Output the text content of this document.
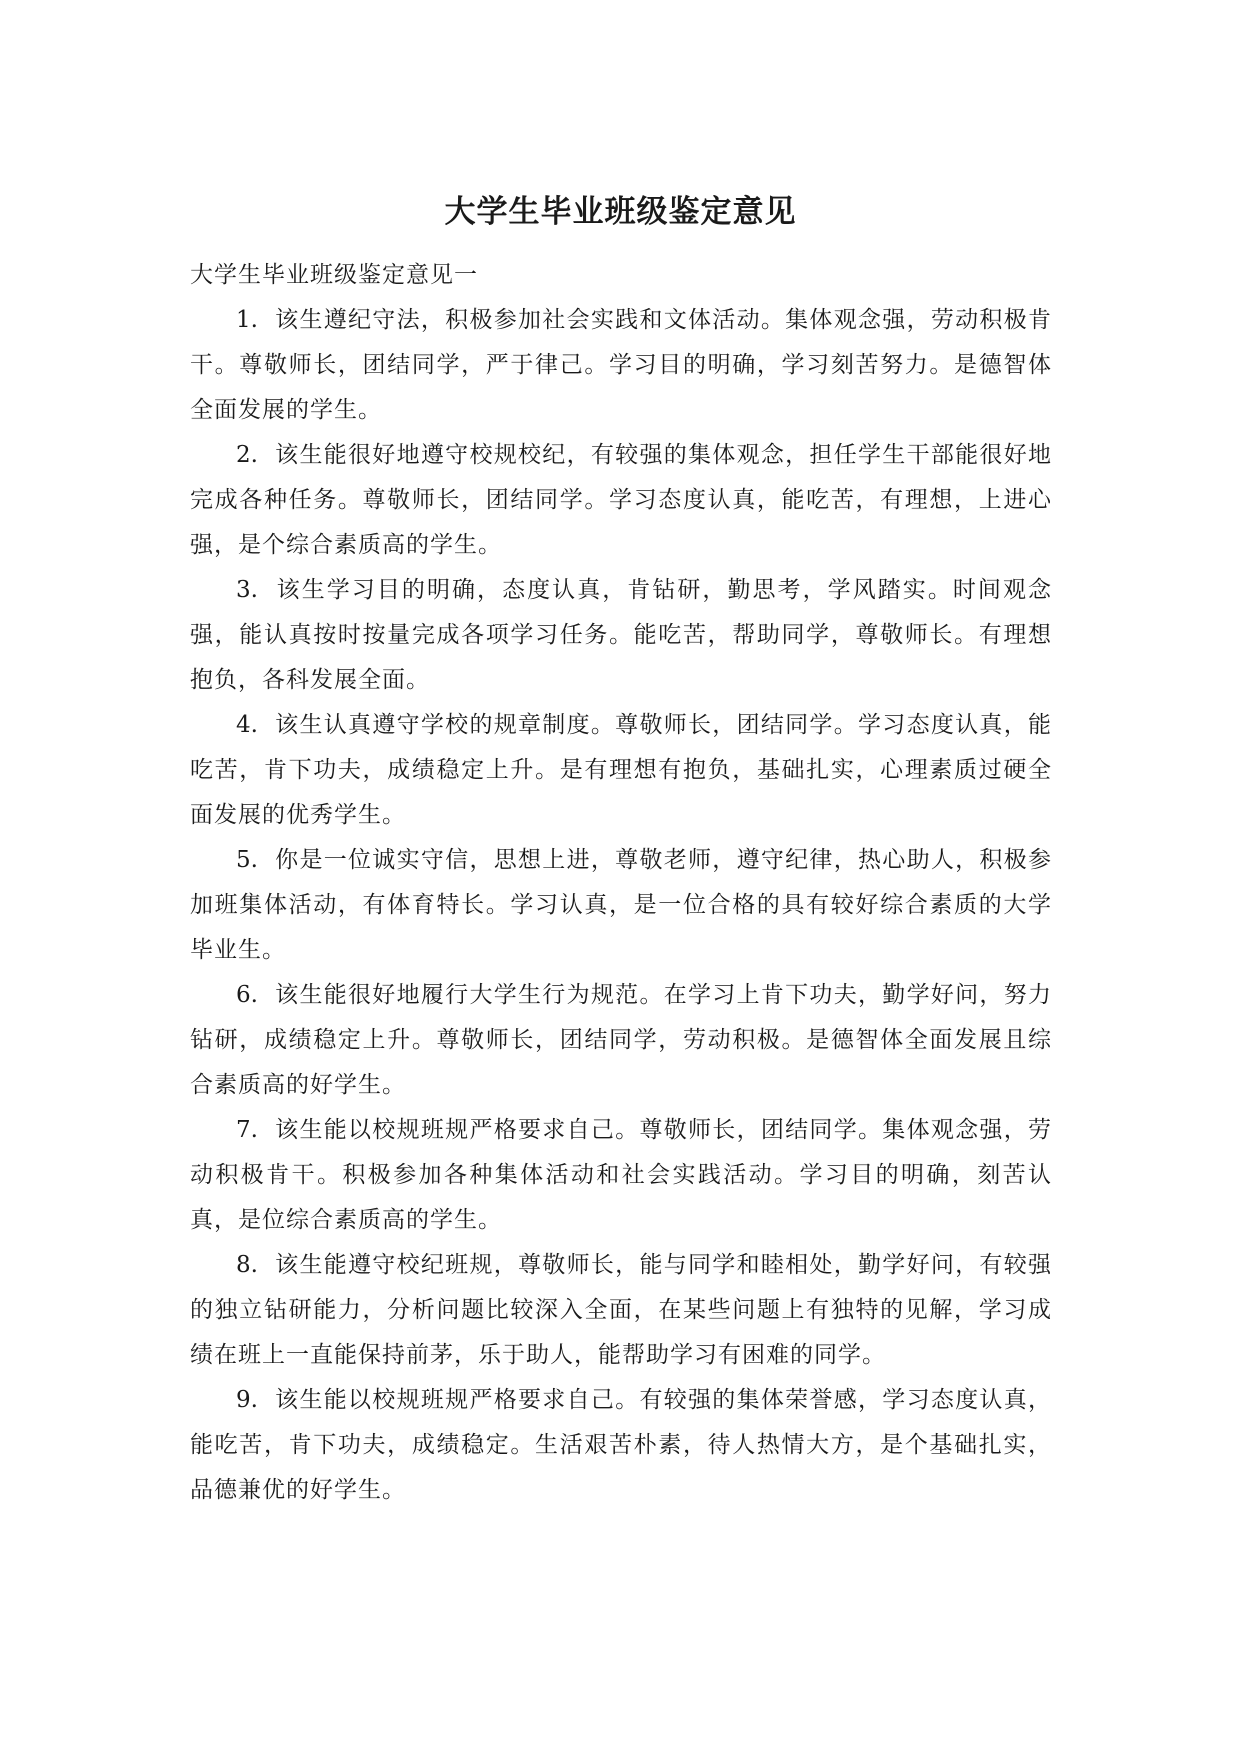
大学生毕业班级鉴定意见

大学生毕业班级鉴定意见一

1. 该生遵纪守法，积极参加社会实践和文体活动。集体观念强，劳动积极肯干。尊敬师长，团结同学，严于律己。学习目的明确，学习刻苦努力。是德智体全面发展的学生。

2. 该生能很好地遵守校规校纪，有较强的集体观念，担任学生干部能很好地完成各种任务。尊敬师长，团结同学。学习态度认真，能吃苦，有理想，上进心强，是个综合素质高的学生。

3. 该生学习目的明确，态度认真，肯钻研，勤思考，学风踏实。时间观念强，能认真按时按量完成各项学习任务。能吃苦，帮助同学，尊敬师长。有理想抱负，各科发展全面。

4. 该生认真遵守学校的规章制度。尊敬师长，团结同学。学习态度认真，能吃苦，肯下功夫，成绩稳定上升。是有理想有抱负，基础扎实，心理素质过硬全面发展的优秀学生。

5. 你是一位诚实守信，思想上进，尊敬老师，遵守纪律，热心助人，积极参加班集体活动，有体育特长。学习认真，是一位合格的具有较好综合素质的大学毕业生。

6. 该生能很好地履行大学生行为规范。在学习上肯下功夫，勤学好问，努力钻研，成绩稳定上升。尊敬师长，团结同学，劳动积极。是德智体全面发展且综合素质高的好学生。

7. 该生能以校规班规严格要求自己。尊敬师长，团结同学。集体观念强，劳动积极肯干。积极参加各种集体活动和社会实践活动。学习目的明确，刻苦认真，是位综合素质高的学生。

8. 该生能遵守校纪班规，尊敬师长，能与同学和睦相处，勤学好问，有较强的独立钻研能力，分析问题比较深入全面，在某些问题上有独特的见解，学习成绩在班上一直能保持前茅，乐于助人，能帮助学习有困难的同学。

9. 该生能以校规班规严格要求自己。有较强的集体荣誉感，学习态度认真，能吃苦，肯下功夫，成绩稳定。生活艰苦朴素，待人热情大方，是个基础扎实，品德兼优的好学生。
